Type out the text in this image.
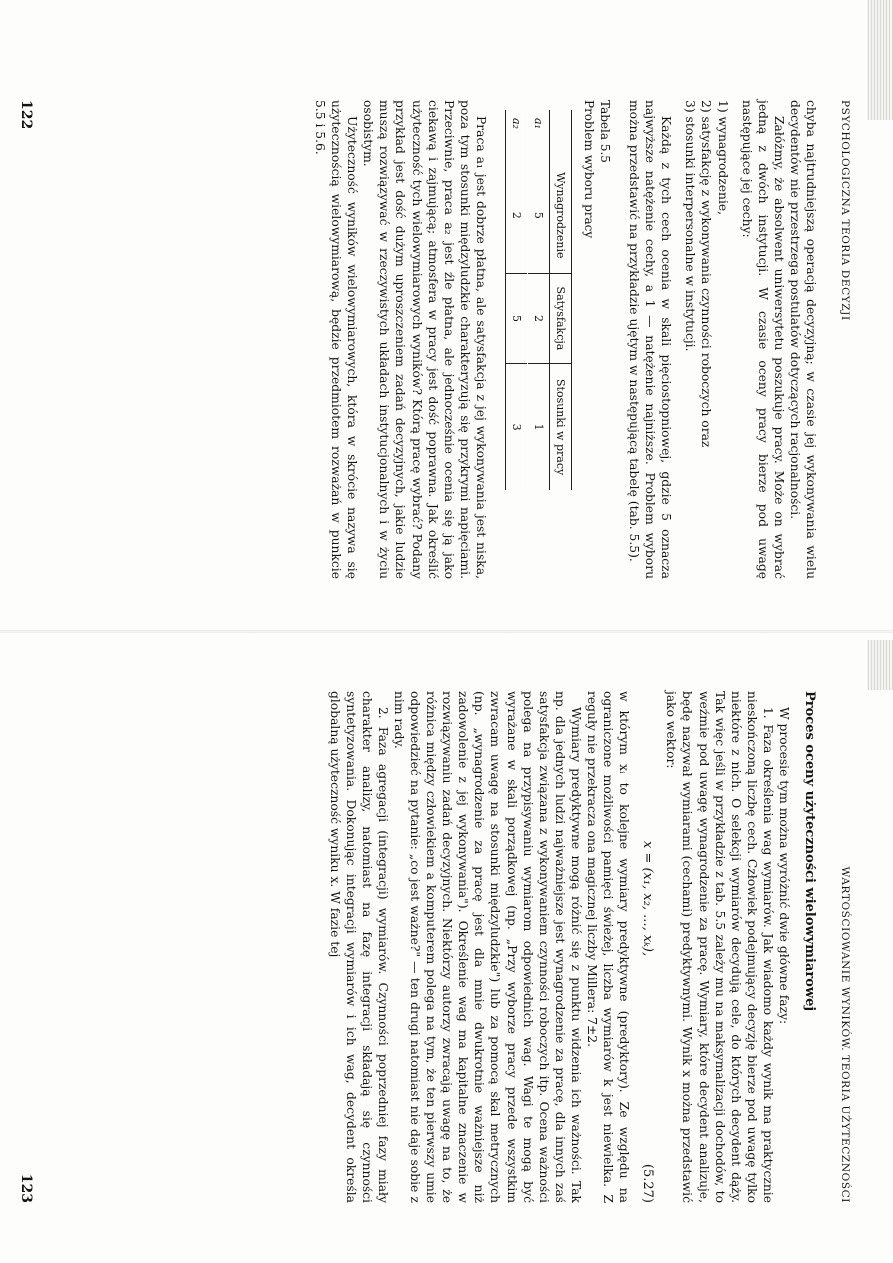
PSYCHOLOGICZNA TEORIA DECYZJI

chyba najtrudniejszą operacją decyzyjną; w czasie jej wykonywania wielu decydentów nie przestrzega postulatów dotyczących racjonalności.

Załóżmy, że absolwent uniwersytetu poszukuje pracy. Może on wybrać jedną z dwóch instytucji. W czasie oceny pracy bierze pod uwagę następujące jej cechy:

1) wynagrodzenie,
2) satysfakcję z wykonywania czynności roboczych oraz
3) stosunki interpersonalne w instytucji.

Każdą z tych cech ocenia w skali pięciostopniowej, gdzie 5 oznacza najwyższe natężenie cechy, a 1 — natężenie najniższe. Problem wyboru można przedstawić na przykładzie ujętym w następującą tabelę (tab. 5.5).

Tabela 5.5
Problem wyboru pracy
	Wynagrodzenie	Satysfakcja	Stosunki w pracy
a₁	5	2	1
a₂	2	5	3

Praca a₁ jest dobrze płatna, ale satysfakcja z jej wykonywania jest niska, poza tym stosunki międzyludzkie charakteryzują się przykrymi napięciami. Przeciwnie, praca a₂ jest źle płatna, ale jednocześnie oceniа się ją jako ciekawą i zajmującą; atmosfera w pracy jest dość poprawna. Jak określić użyteczność tych wielowymiarowych wyników? Którą pracę wybrać? Podany przykład jest dość dużym uproszczeniem zadań decyzyjnych, jakie ludzie muszą rozwiązywać w rzeczywistych układach instytucjonalnych i w życiu osobistym.

Użyteczność wyników wielowymiarowych, która w skrócie nazywa się użytecznością wielowymiarową, będzie przedmiotem rozważań w punkcie 5.5 i 5.6.

122
WARTOŚCIOWANIE WYNIKÓW. TEORIA UŻYTECZNOŚCI
Proces oceny użyteczności wielowymiarowej

W procesie tym można wyróżnić dwie główne fazy:

1. Faza określenia wag wymiarów. Jak wiadomo każdy wynik ma praktycznie nieskończoną liczbę cech. Człowiek podejmujący decyzję bierze pod uwagę tylko niektóre z nich. O selekcji wymiarów decydują cele, do których decydent dąży. Tak więc jeśli w przykładzie z tab. 5.5 zależy mu na maksymalizacji dochodów, to weźmie pod uwagę wynagrodzenie za pracę. Wymiary, które decydent analizuje, będę nazywał wymiarami (cechami) predyktywnymi. Wynik x można przedstawić jako wektor:

x = (x₁, x₂, ..., xₖ),
(5.27)

w którym xᵢ to kolejne wymiary predyktywne (predyktory). Ze względu na ograniczone możliwości pamięci świeżej, liczba wymiarów k jest niewielka. Z reguły nie przekracza ona magicznej liczby Millera: 7±2.

Wymiary predyktywne mogą różnić się z punktu widzenia ich ważności. Tak np. dla jednych ludzi najważniejsze jest wynagrodzenie za pracę, dla innych zaś satysfakcja związana z wykonywaniem czynności roboczych itp. Ocena ważności polega na przypisywaniu wymiarom odpowiednich wag. Wagi te mogą być wyrażane w skali porządkowej (np. „Przy wyborze pracy przede wszystkim zwracam uwagę na stosunki międzyludzkie") lub za pomocą skal metrycznych (np. „wynagrodzenie za pracę jest dla mnie dwukrotnie ważniejsze niż zadowolenie z jej wykonywania"). Określenie wag ma kapitalne znaczenie w rozwiązywaniu zadań decyzyjnych. Niektórzy autorzy zwracają uwagę na to, że różnica między człowiekiem a komputerem polega na tym, że ten pierwszy umie odpowiedzieć na pytanie: „co jest ważne?" — ten drugi natomiast nie daje sobie z nim rady.

2. Faza agregacji (integracji) wymiarów. Czynności poprzedniej fazy miały charakter analizy, natomiast na fazę integracji składają się czynności syntetyzowania. Dokonując integracji wymiarów i ich wag, decydent określa globalną użyteczność wyniku x. W fazie tej

123
